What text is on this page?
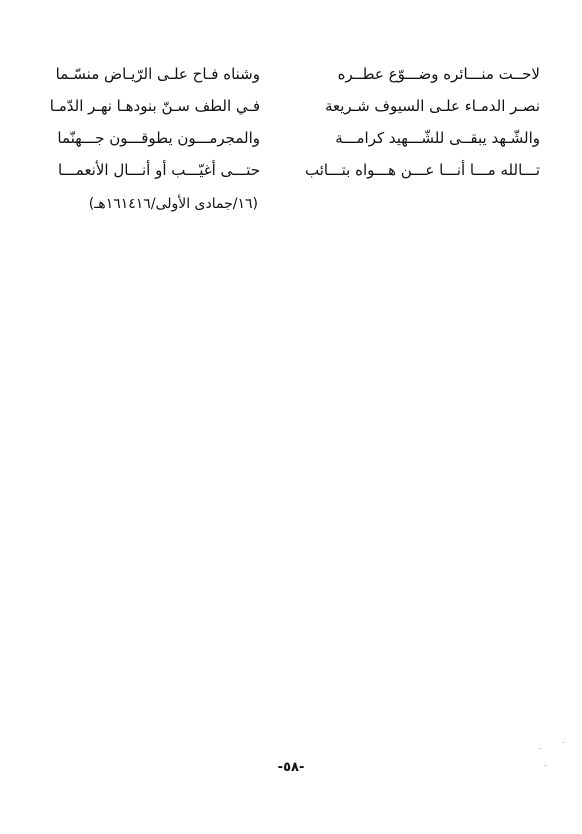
لاحــت منـــائره وضـــوّع عطــره
وشناه فـاح علـى الرّيـاض منسّـما
نصـر الدمـاء علـى السيوف شـريعة
فـي الطف سـنّ بنودهـا نهـر الدّمـا
والشّـهد يبقــى للشّـــهيد كرامـــة
والمجرمـــون يطوقـــون جـــهنّما
تـــالله مـــا أنـــا عـــن هـــواه بتـــائب
حتـــى أغيّـــب أو أنـــال الأنعمـــا
(١٦/جمادى الأولى/١٦١٤١٦هـ)
-٥٨-
